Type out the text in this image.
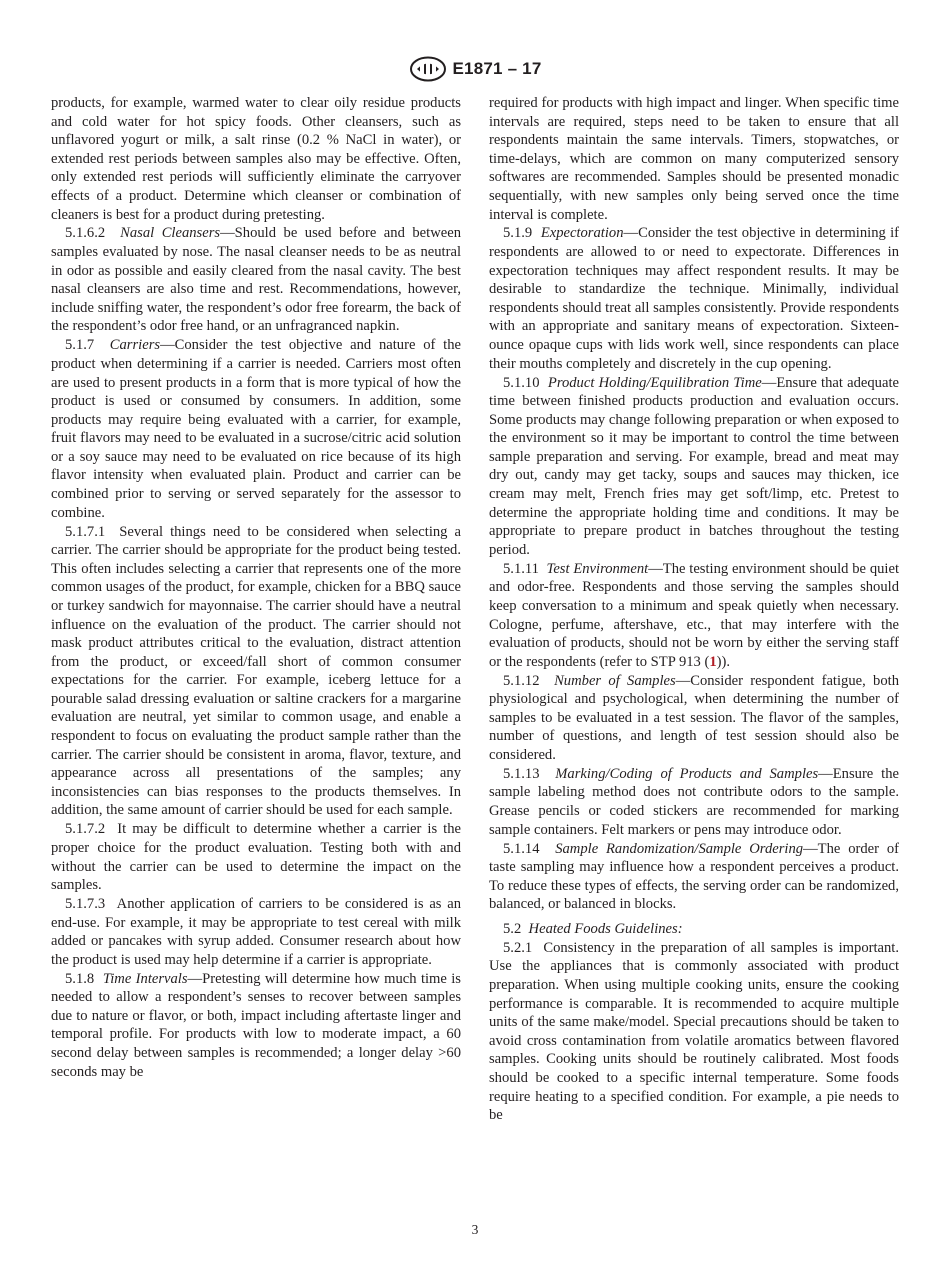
E1871 – 17

products, for example, warmed water to clear oily residue products and cold water for hot spicy foods. Other cleansers, such as unflavored yogurt or milk, a salt rinse (0.2 % NaCl in water), or extended rest periods between samples also may be effective. Often, only extended rest periods will sufficiently eliminate the carryover effects of a product. Determine which cleanser or combination of cleaners is best for a product during pretesting.

5.1.6.2 Nasal Cleansers—Should be used before and between samples evaluated by nose. The nasal cleanser needs to be as neutral in odor as possible and easily cleared from the nasal cavity. The best nasal cleansers are also time and rest. Recommendations, however, include sniffing water, the respondent’s odor free forearm, the back of the respondent’s odor free hand, or an unfragranced napkin.

5.1.7 Carriers—Consider the test objective and nature of the product when determining if a carrier is needed. Carriers most often are used to present products in a form that is more typical of how the product is used or consumed by consumers. In addition, some products may require being evaluated with a carrier, for example, fruit flavors may need to be evaluated in a sucrose/citric acid solution or a soy sauce may need to be evaluated on rice because of its high flavor intensity when evaluated plain. Product and carrier can be combined prior to serving or served separately for the assessor to combine.

5.1.7.1 Several things need to be considered when selecting a carrier. The carrier should be appropriate for the product being tested. This often includes selecting a carrier that represents one of the more common usages of the product, for example, chicken for a BBQ sauce or turkey sandwich for mayonnaise. The carrier should have a neutral influence on the evaluation of the product. The carrier should not mask product attributes critical to the evaluation, distract attention from the product, or exceed/fall short of common consumer expectations for the carrier. For example, iceberg lettuce for a pourable salad dressing evaluation or saltine crackers for a margarine evaluation are neutral, yet similar to common usage, and enable a respondent to focus on evaluating the product sample rather than the carrier. The carrier should be consistent in aroma, flavor, texture, and appearance across all presentations of the samples; any inconsistencies can bias responses to the products themselves. In addition, the same amount of carrier should be used for each sample.

5.1.7.2 It may be difficult to determine whether a carrier is the proper choice for the product evaluation. Testing both with and without the carrier can be used to determine the impact on the samples.

5.1.7.3 Another application of carriers to be considered is as an end-use. For example, it may be appropriate to test cereal with milk added or pancakes with syrup added. Consumer research about how the product is used may help determine if a carrier is appropriate.

5.1.8 Time Intervals—Pretesting will determine how much time is needed to allow a respondent’s senses to recover between samples due to nature or flavor, or both, impact including aftertaste linger and temporal profile. For products with low to moderate impact, a 60 second delay between samples is recommended; a longer delay >60 seconds may be

required for products with high impact and linger. When specific time intervals are required, steps need to be taken to ensure that all respondents maintain the same intervals. Timers, stopwatches, or time-delays, which are common on many computerized sensory softwares are recommended. Samples should be presented monadic sequentially, with new samples only being served once the time interval is complete.

5.1.9 Expectoration—Consider the test objective in determining if respondents are allowed to or need to expectorate. Differences in expectoration techniques may affect respondent results. It may be desirable to standardize the technique. Minimally, individual respondents should treat all samples consistently. Provide respondents with an appropriate and sanitary means of expectoration. Sixteen-ounce opaque cups with lids work well, since respondents can place their mouths completely and discretely in the cup opening.

5.1.10 Product Holding/Equilibration Time—Ensure that adequate time between finished products production and evaluation occurs. Some products may change following preparation or when exposed to the environment so it may be important to control the time between sample preparation and serving. For example, bread and meat may dry out, candy may get tacky, soups and sauces may thicken, ice cream may melt, French fries may get soft/limp, etc. Pretest to determine the appropriate holding time and conditions. It may be appropriate to prepare product in batches throughout the testing period.

5.1.11 Test Environment—The testing environment should be quiet and odor-free. Respondents and those serving the samples should keep conversation to a minimum and speak quietly when necessary. Cologne, perfume, aftershave, etc., that may interfere with the evaluation of products, should not be worn by either the serving staff or the respondents (refer to STP 913 (1)).

5.1.12 Number of Samples—Consider respondent fatigue, both physiological and psychological, when determining the number of samples to be evaluated in a test session. The flavor of the samples, number of questions, and length of test session should also be considered.

5.1.13 Marking/Coding of Products and Samples—Ensure the sample labeling method does not contribute odors to the sample. Grease pencils or coded stickers are recommended for marking sample containers. Felt markers or pens may introduce odor.

5.1.14 Sample Randomization/Sample Ordering—The order of taste sampling may influence how a respondent perceives a product. To reduce these types of effects, the serving order can be randomized, balanced, or balanced in blocks.

5.2 Heated Foods Guidelines:

5.2.1 Consistency in the preparation of all samples is important. Use the appliances that is commonly associated with product preparation. When using multiple cooking units, ensure the cooking performance is comparable. It is recommended to acquire multiple units of the same make/model. Special precautions should be taken to avoid cross contamination from volatile aromatics between flavored samples. Cooking units should be routinely calibrated. Most foods should be cooked to a specific internal temperature. Some foods require heating to a specified condition. For example, a pie needs to be

3
